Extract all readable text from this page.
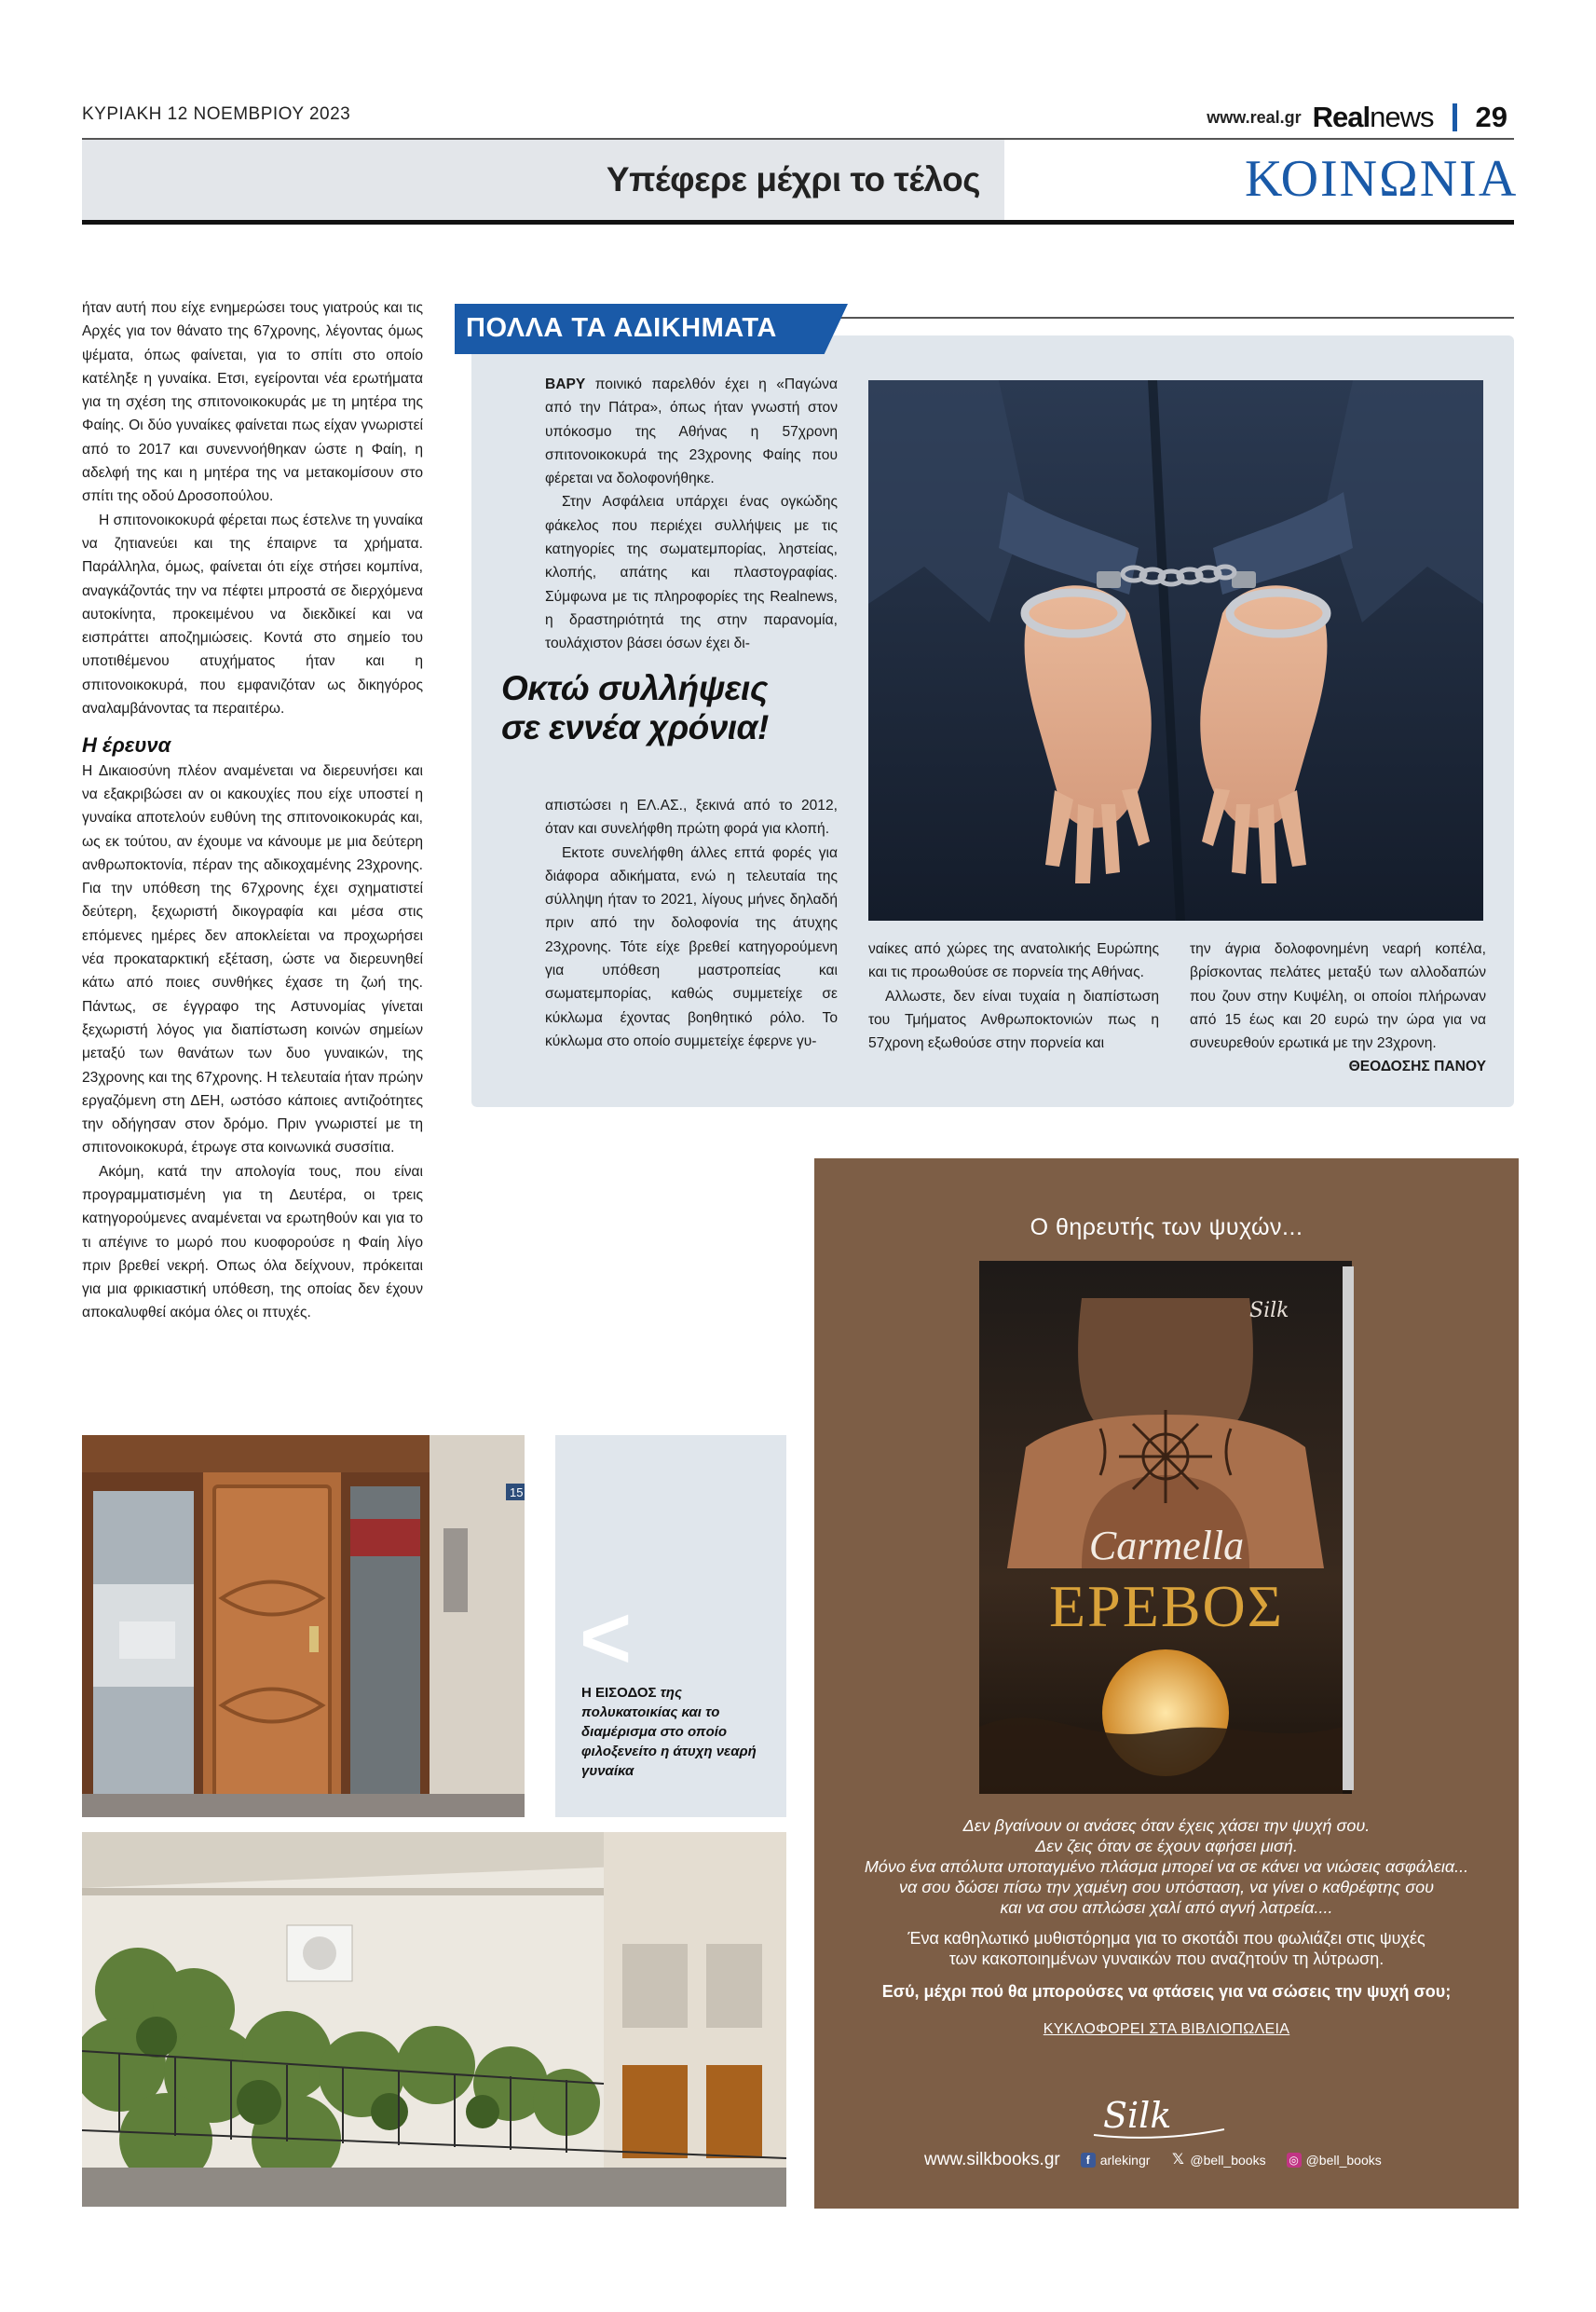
ΚΥΡΙΑΚΗ 12 ΝΟΕΜΒΡΙΟΥ 2023	www.real.gr Realnews 29
Υπέφερε μέχρι το τέλος	ΚΟΙΝΩΝΙΑ

ήταν αυτή που είχε ενημερώσει τους γιατρούς και τις Αρχές για τον θάνατο της 67χρονης, λέγοντας όμως ψέματα, όπως φαίνεται, για το σπίτι στο οποίο κατέληξε η γυναίκα. Ετσι, εγείρονται νέα ερωτήματα για τη σχέση της σπιτονοικοκυράς με τη μητέρα της Φαίης. Οι δύο γυναίκες φαίνεται πως είχαν γνωριστεί από το 2017 και συνεννοήθηκαν ώστε η Φαίη, η αδελφή της και η μητέρα της να μετακομίσουν στο σπίτι της οδού Δροσοπούλου.

Η σπιτονοικοκυρά φέρεται πως έστελνε τη γυναίκα να ζητιανεύει και της έπαιρνε τα χρήματα. Παράλληλα, όμως, φαίνεται ότι είχε στήσει κομπίνα, αναγκάζοντάς την να πέφτει μπροστά σε διερχόμενα αυτοκίνητα, προκειμένου να διεκδικεί και να εισπράττει αποζημιώσεις. Κοντά στο σημείο του υποτιθέμενου ατυχήματος ήταν και η σπιτονοικοκυρά, που εμφανιζόταν ως δικηγόρος αναλαμβάνοντας τα περαιτέρω.

Η έρευνα

Η Δικαιοσύνη πλέον αναμένεται να διερευνήσει και να εξακριβώσει αν οι κακουχίες που είχε υποστεί η γυναίκα αποτελούν ευθύνη της σπιτονοικοκυράς και, ως εκ τούτου, αν έχουμε να κάνουμε με μια δεύτερη ανθρωποκτονία, πέραν της αδικοχαμένης 23χρονης. Για την υπόθεση της 67χρονης έχει σχηματιστεί δεύτερη, ξεχωριστή δικογραφία και μέσα στις επόμενες ημέρες δεν αποκλείεται να προχωρήσει νέα προκαταρκτική εξέταση, ώστε να διερευνηθεί κάτω από ποιες συνθήκες έχασε τη ζωή της. Πάντως, σε έγγραφο της Αστυνομίας γίνεται ξεχωριστή λόγος για διαπίστωση κοινών σημείων μεταξύ των θανάτων των δυο γυναικών, της 23χρονης και της 67χρονης. Η τελευταία ήταν πρώην εργαζόμενη στη ΔΕΗ, ωστόσο κάποιες αντιζοότητες την οδήγησαν στον δρόμο. Πριν γνωριστεί με τη σπιτονοικοκυρά, έτρωγε στα κοινωνικά συσσίτια.

Ακόμη, κατά την απολογία τους, που είναι προγραμματισμένη για τη Δευτέρα, οι τρεις κατηγορούμενες αναμένεται να ερωτηθούν και για το τι απέγινε το μωρό που κυοφορούσε η Φαίη λίγο πριν βρεθεί νεκρή. Οπως όλα δείχνουν, πρόκειται για μια φρικιαστική υπόθεση, της οποίας δεν έχουν αποκαλυφθεί ακόμα όλες οι πτυχές.

ΠΟΛΛΑ ΤΑ ΑΔΙΚΗΜΑΤΑ

ΒΑΡΥ ποινικό παρελθόν έχει η «Παγώνα από την Πάτρα», όπως ήταν γνωστή στον υπόκοσμο της Αθήνας η 57χρονη σπιτονοικοκυρά της 23χρονης Φαίης που φέρεται να δολοφονήθηκε.

Στην Ασφάλεια υπάρχει ένας ογκώδης φάκελος που περιέχει συλλήψεις με τις κατηγορίες της σωματεμπορίας, ληστείας, κλοπής, απάτης και πλαστογραφίας. Σύμφωνα με τις πληροφορίες της Realnews, η δραστηριότητά της στην παρανομία, τουλάχιστον βάσει όσων έχει δι-

Οκτώ συλλήψεις σε εννέα χρόνια!

απιστώσει η ΕΛ.ΑΣ., ξεκινά από το 2012, όταν και συνελήφθη πρώτη φορά για κλοπή.

Εκτοτε συνελήφθη άλλες επτά φορές για διάφορα αδικήματα, ενώ η τελευταία της σύλληψη ήταν το 2021, λίγους μήνες δηλαδή πριν από την δολοφονία της άτυχης 23χρονης. Τότε είχε βρεθεί κατηγορούμενη για υπόθεση μαστροπείας και σωματεμπορίας, καθώς συμμετείχε σε κύκλωμα έχοντας βοηθητικό ρόλο. Το κύκλωμα στο οποίο συμμετείχε έφερνε γυ-

ναίκες από χώρες της ανατολικής Ευρώπης και τις προωθούσε σε πορνεία της Αθήνας.

Αλλωστε, δεν είναι τυχαία η διαπίστωση του Τμήματος Ανθρωποκτονιών πως η 57χρονη εξωθούσε στην πορνεία και

την άγρια δολοφονημένη νεαρή κοπέλα, βρίσκοντας πελάτες μεταξύ των αλλοδαπών που ζουν στην Κυψέλη, οι οποίοι πλήρωναν από 15 έως και 20 ευρώ την ώρα για να συνευρεθούν ερωτικά με την 23χρονη.

ΘΕΟΔΟΣΗΣ ΠΑΝΟΥ

15
<
Η ΕΙΣΟΔΟΣ της πολυκατοικίας και το διαμέρισμα στο οποίο φιλοξενείτο η άτυχη νεαρή γυναίκα
Ο θηρευτής των ψυχών...
Silk
Carmella
ΕΡΕΒΟΣ
Δεν βγαίνουν οι ανάσες όταν έχεις χάσει την ψυχή σου.
Δεν ζεις όταν σε έχουν αφήσει μισή.
Μόνο ένα απόλυτα υποταγμένο πλάσμα μπορεί να σε κάνει να νιώσεις ασφάλεια...
να σου δώσει πίσω την χαμένη σου υπόσταση, να γίνει ο καθρέφτης σου
και να σου απλώσει χαλί από αγνή λατρεία....
Ένα καθηλωτικό μυθιστόρημα για το σκοτάδι που φωλιάζει στις ψυχές
των κακοποιημένων γυναικών που αναζητούν τη λύτρωση.
Εσύ, μέχρι πού θα μπορούσες να φτάσεις για να σώσεις την ψυχή σου;
ΚΥΚΛΟΦΟΡΕΙ ΣΤΑ ΒΙΒΛΙΟΠΩΛΕΙΑ
Silk
www.silkbooks.gr	f arlekingr 𝕏 @bell_books ◎ @bell_books
